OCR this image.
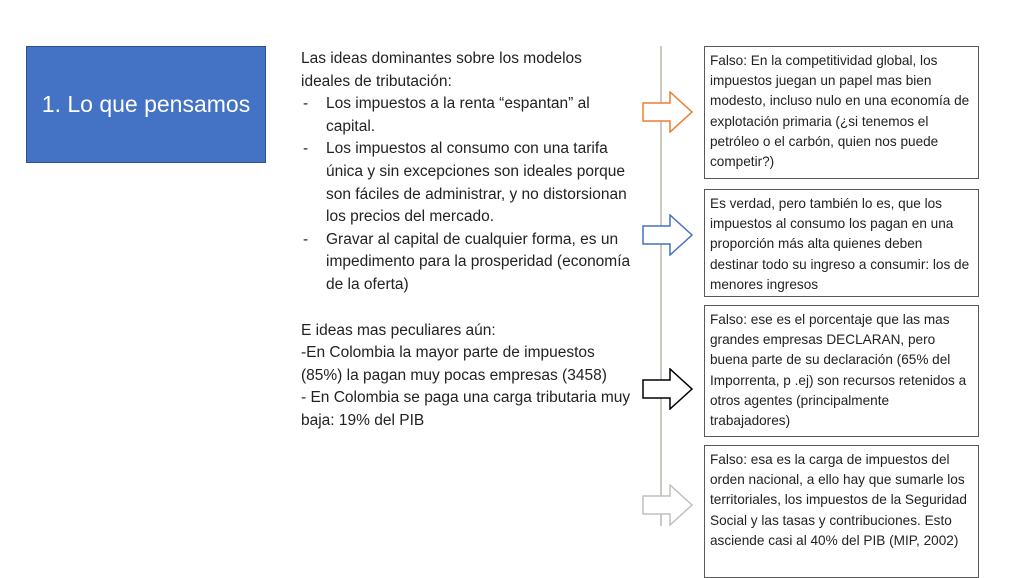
1. Lo que pensamos

Las ideas dominantes sobre los modelos ideales de tributación:

- Los impuestos a la renta “espantan” al capital.
- Los impuestos al consumo con una tarifa única y sin excepciones son ideales porque son fáciles de administrar, y no distorsionan los precios del mercado.
- Gravar al capital de cualquier forma, es un impedimento para la prosperidad (economía de la oferta)

E ideas mas peculiares aún:

-En Colombia la mayor parte de impuestos (85%) la pagan muy pocas empresas (3458)

- En Colombia se paga una carga tributaria muy baja: 19% del PIB

Falso: En la competitividad global, los impuestos juegan un papel mas bien modesto, incluso nulo en una economía de explotación primaria (¿si tenemos el petróleo o el carbón, quien nos puede competir?)
Es verdad, pero también lo es, que los impuestos al consumo los pagan en una proporción más alta quienes deben destinar todo su ingreso a consumir: los de menores ingresos
Falso: ese es el porcentaje que las mas grandes empresas DECLARAN, pero buena parte de su declaración (65% del Imporrenta, p .ej) son recursos retenidos a otros agentes (principalmente trabajadores)
Falso: esa es la carga de impuestos del orden nacional, a ello hay que sumarle los territoriales, los impuestos de la Seguridad Social y las tasas y contribuciones. Esto asciende casi al 40% del PIB (MIP, 2002)
